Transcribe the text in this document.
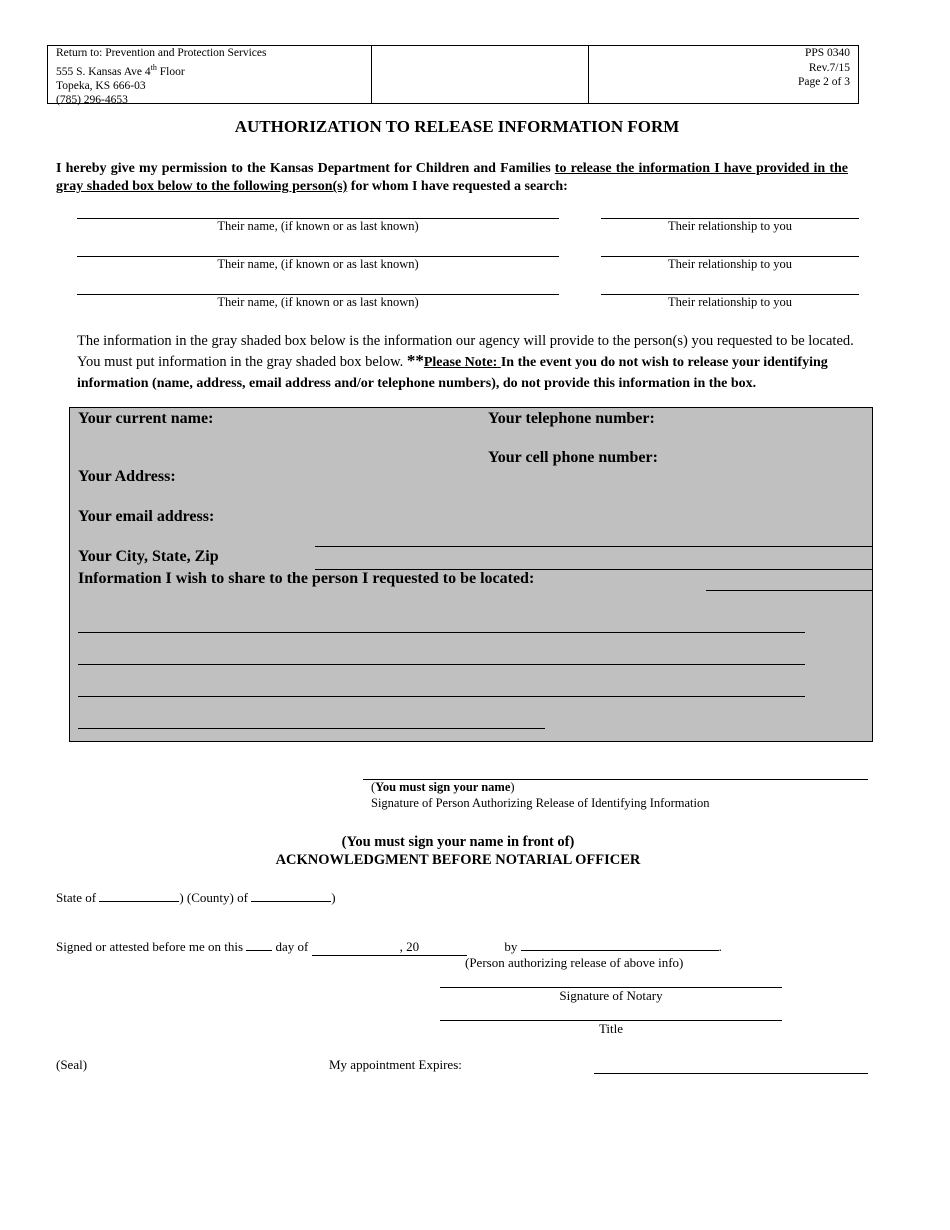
Return to: Prevention and Protection Services
555 S. Kansas Ave 4th Floor
Topeka, KS 666-03
(785) 296-4653
PPS 0340
Rev.7/15
Page 2 of 3
AUTHORIZATION TO RELEASE INFORMATION FORM
I hereby give my permission to the Kansas Department for Children and Families to release the information I have provided in the gray shaded box below to the following person(s) for whom I have requested a search:
Their name, (if known or as last known)	Their relationship to you
Their name, (if known or as last known)	Their relationship to you
Their name, (if known or as last known)	Their relationship to you
The information in the gray shaded box below is the information our agency will provide to the person(s) you requested to be located. You must put information in the gray shaded box below. **Please Note: In the event you do not wish to release your identifying information (name, address, email address and/or telephone numbers), do not provide this information in the box.
Your current name:	Your telephone number:
Your cell phone number:
Your Address:
Your email address:
Your City, State, Zip
Information I wish to share to the person I requested to be located:
(You must sign your name)
Signature of Person Authorizing Release of Identifying Information
(You must sign your name in front of)
ACKNOWLEDGMENT BEFORE NOTARIAL OFFICER
State of	) (County) of	)
Signed or attested before me on this	day of	, 20	by	.
(Person authorizing release of above info)
Signature of Notary
Title
(Seal)	My appointment Expires:
